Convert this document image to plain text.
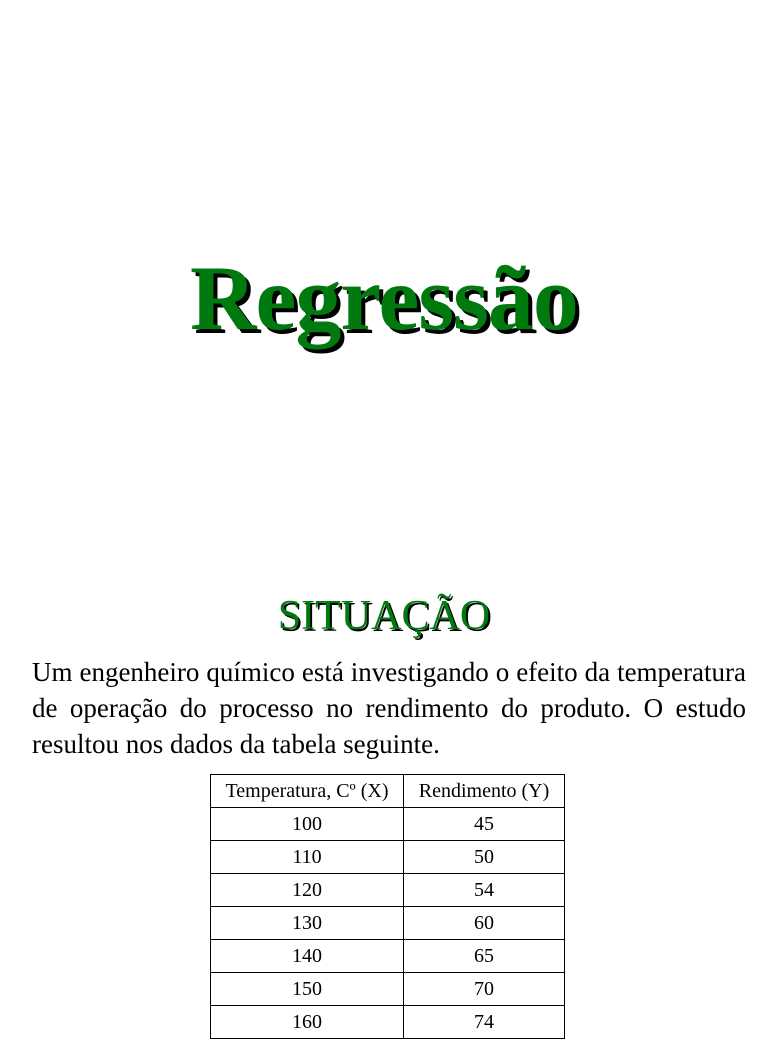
Regressão
SITUAÇÃO

Um engenheiro químico está investigando o efeito da temperatura de operação do processo no rendimento do produto. O estudo resultou nos dados da tabela seguinte.

Temperatura, Cº (X)	Rendimento (Y)
100	45
110	50
120	54
130	60
140	65
150	70
160	74
